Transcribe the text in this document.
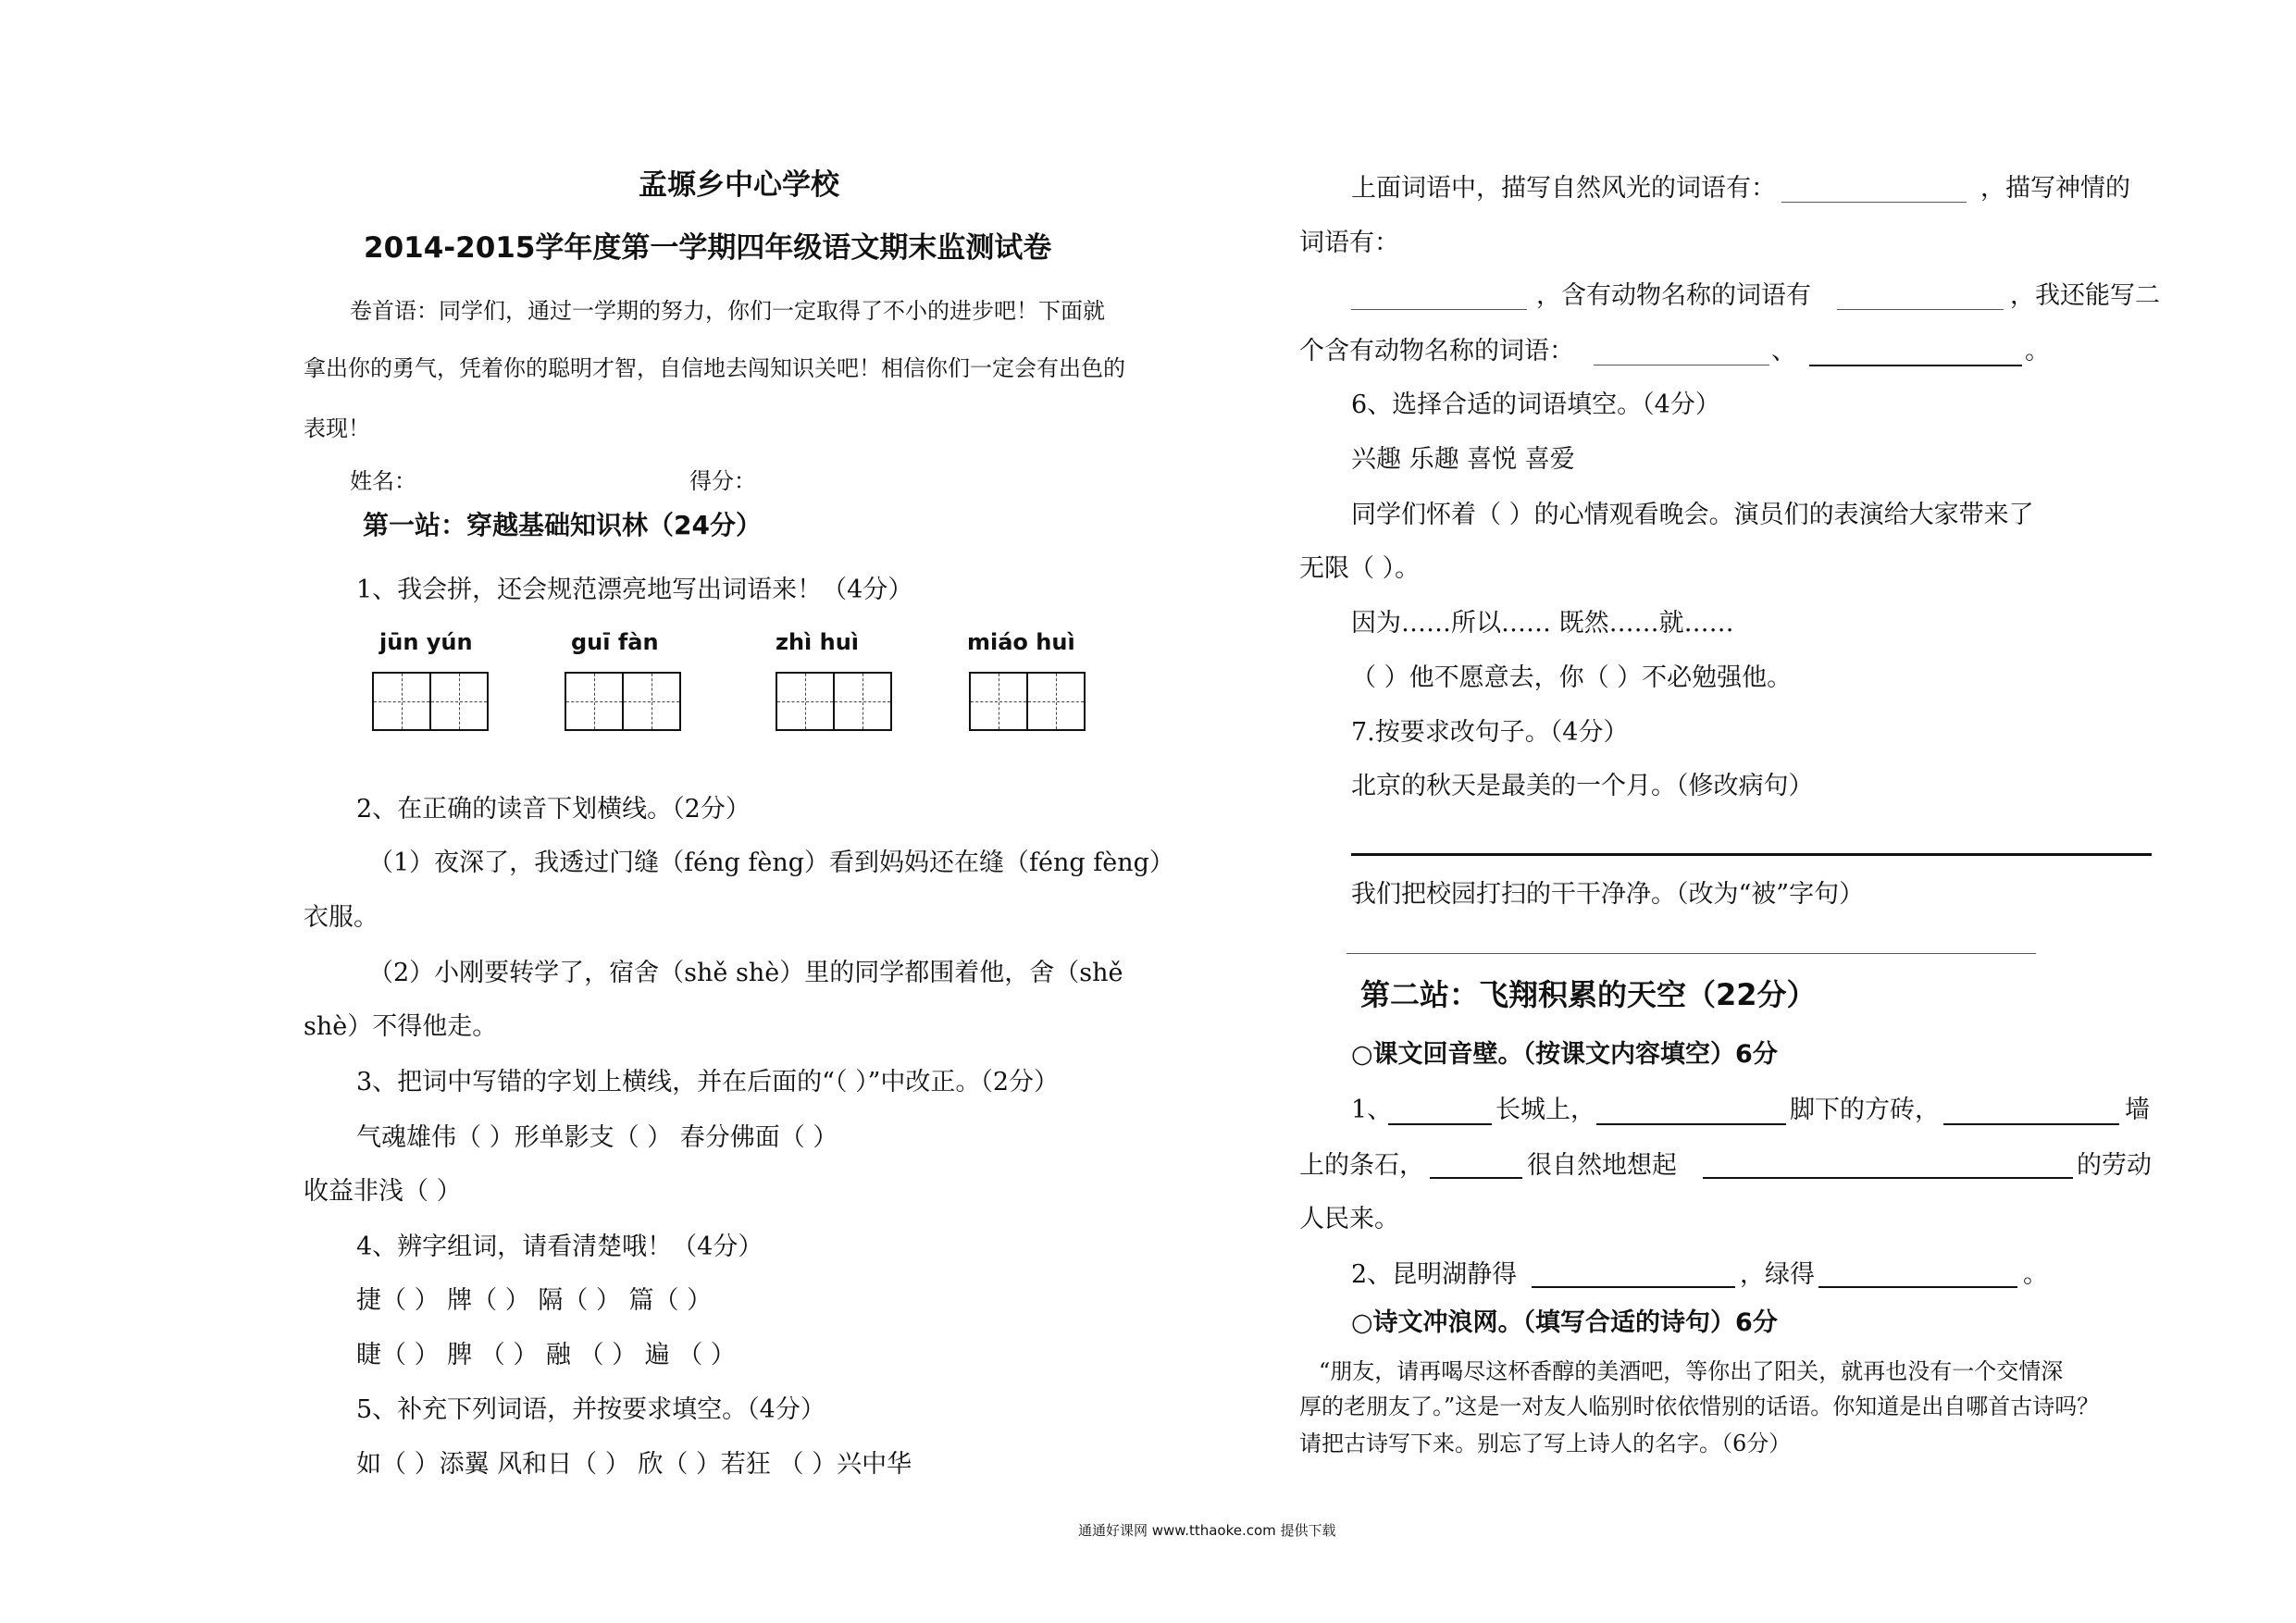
孟塬乡中心学校
2014-2015学年度第一学期四年级语文期末监测试卷
卷首语：同学们，通过一学期的努力，你们一定取得了不小的进步吧！下面就
拿出你的勇气，凭着你的聪明才智，自信地去闯知识关吧！相信你们一定会有出色的
表现！
姓名：	得分：
第一站：穿越基础知识林（24分）
1、我会拼，还会规范漂亮地写出词语来！（4分）
jūn yún	guī fàn	zhì huì	miáo huì
2、在正确的读音下划横线。（2分）
（1）夜深了，我透过门缝（féng fèng）看到妈妈还在缝（féng fèng）
衣服。
（2）小刚要转学了，宿舍（shě shè）里的同学都围着他，舍（shě
shè）不得他走。
3、把词中写错的字划上横线，并在后面的“（ ）”中改正。（2分）
气魂雄伟（ ）形单影支（ ） 春分佛面（ ）
收益非浅（ ）
4、辨字组词，请看清楚哦！（4分）
捷（ ） 牌（ ） 隔（ ） 篇（ ）
睫（ ） 脾 （ ） 融 （ ） 遍 （ ）
5、补充下列词语，并按要求填空。（4分）
如（ ）添翼 风和日（ ） 欣（ ）若狂 （ ）兴中华
上面词语中，描写自然风光的词语有：	，描写神情的
词语有：
，含有动物名称的词语有	，我还能写二
个含有动物名称的词语：	、	。
6、选择合适的词语填空。（4分）
兴趣 乐趣 喜悦 喜爱
同学们怀着（ ）的心情观看晚会。演员们的表演给大家带来了
无限（ ）。
因为……所以…… 既然……就……
（ ）他不愿意去，你（ ）不必勉强他。
7.按要求改句子。（4分）
北京的秋天是最美的一个月。（修改病句）
我们把校园打扫的干干净净。（改为“被”字句）
第二站：飞翔积累的天空（22分）
○课文回音壁。（按课文内容填空）6分
1、	长城上，	脚下的方砖，	墙
上的条石，	很自然地想起	的劳动
人民来。
2、昆明湖静得	，绿得	。
○诗文冲浪网。（填写合适的诗句）6分
“朋友，请再喝尽这杯香醇的美酒吧，等你出了阳关，就再也没有一个交情深
厚的老朋友了。”这是一对友人临别时依依惜别的话语。你知道是出自哪首古诗吗？
请把古诗写下来。别忘了写上诗人的名字。（6分）
通通好课网 www.tthaoke.com 提供下载
